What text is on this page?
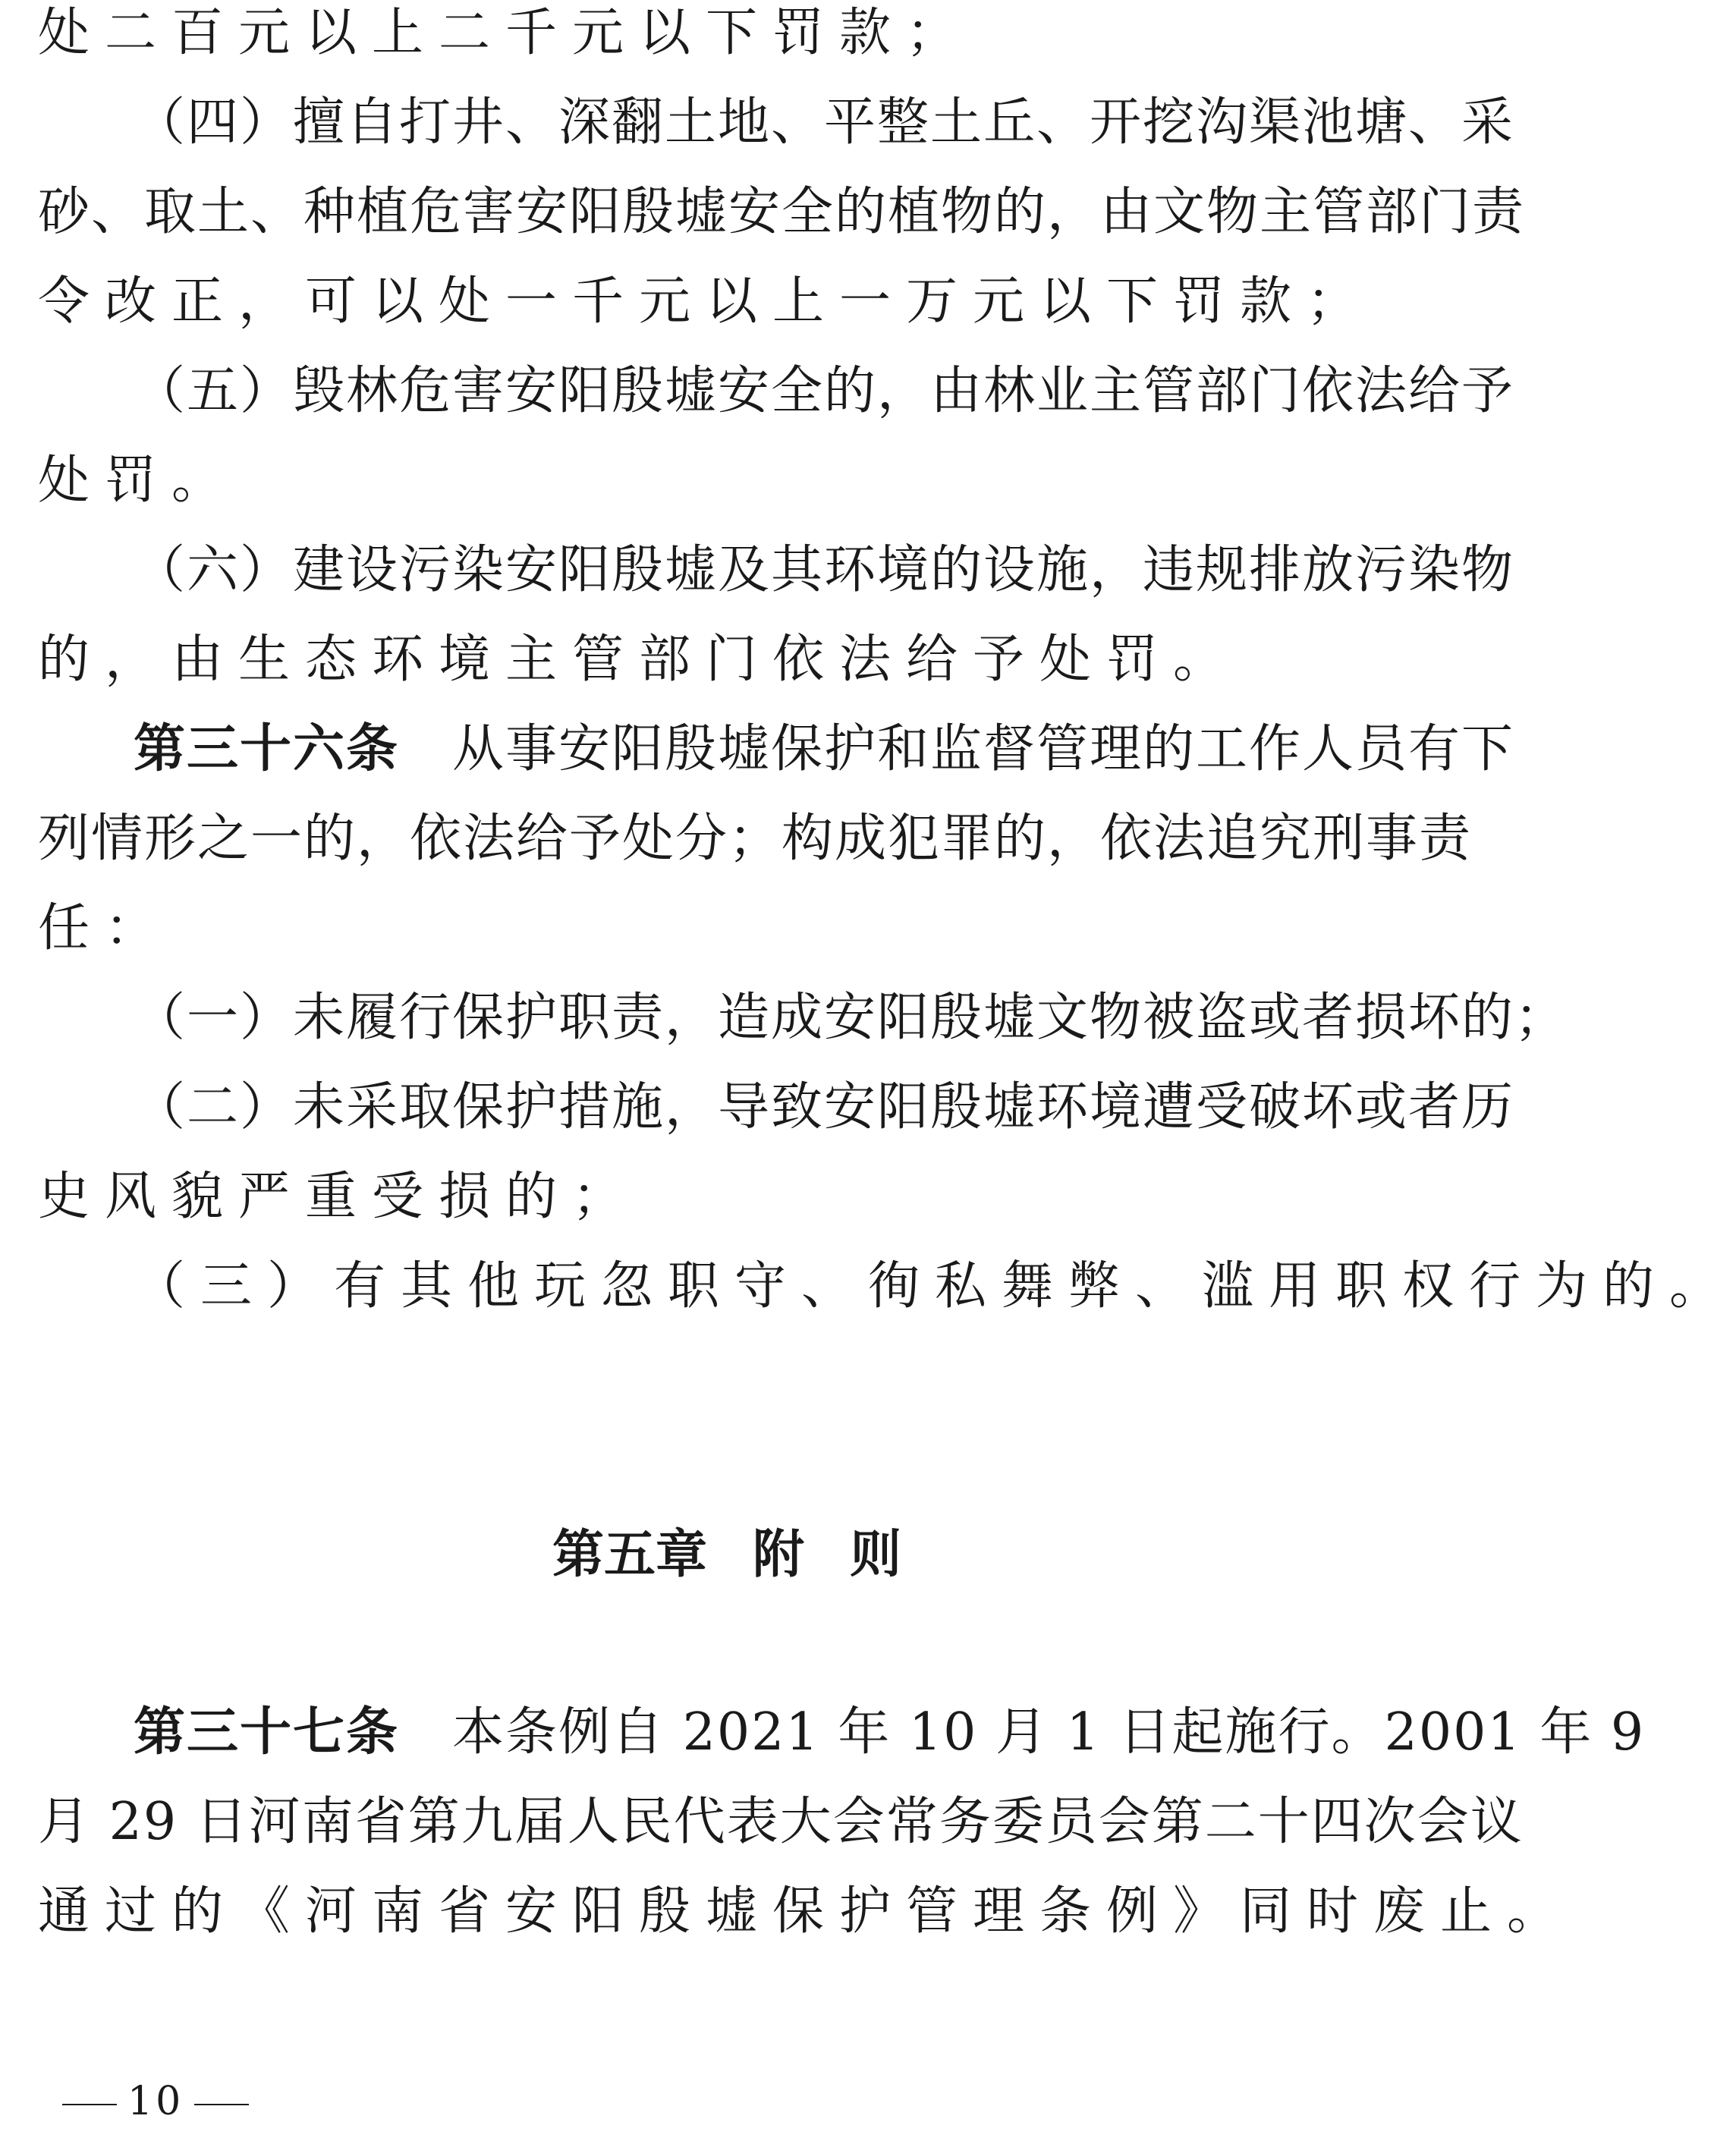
处二百元以上二千元以下罚款；
（四）擅自打井、深翻土地、平整土丘、开挖沟渠池塘、采
砂、取土、种植危害安阳殷墟安全的植物的，由文物主管部门责
令改正，可以处一千元以上一万元以下罚款；
（五）毁林危害安阳殷墟安全的，由林业主管部门依法给予
处罚。
（六）建设污染安阳殷墟及其环境的设施，违规排放污染物
的，由生态环境主管部门依法给予处罚。
第三十六条 从事安阳殷墟保护和监督管理的工作人员有下
列情形之一的，依法给予处分；构成犯罪的，依法追究刑事责
任：
（一）未履行保护职责，造成安阳殷墟文物被盗或者损坏的；
（二）未采取保护措施，导致安阳殷墟环境遭受破坏或者历
史风貌严重受损的；
（三）有其他玩忽职守、徇私舞弊、滥用职权行为的。
第五章 附 则
第三十七条 本条例自 2021 年 10 月 1 日起施行。2001 年 9
月 29 日河南省第九届人民代表大会常务委员会第二十四次会议
通过的《河南省安阳殷墟保护管理条例》同时废止。
10
